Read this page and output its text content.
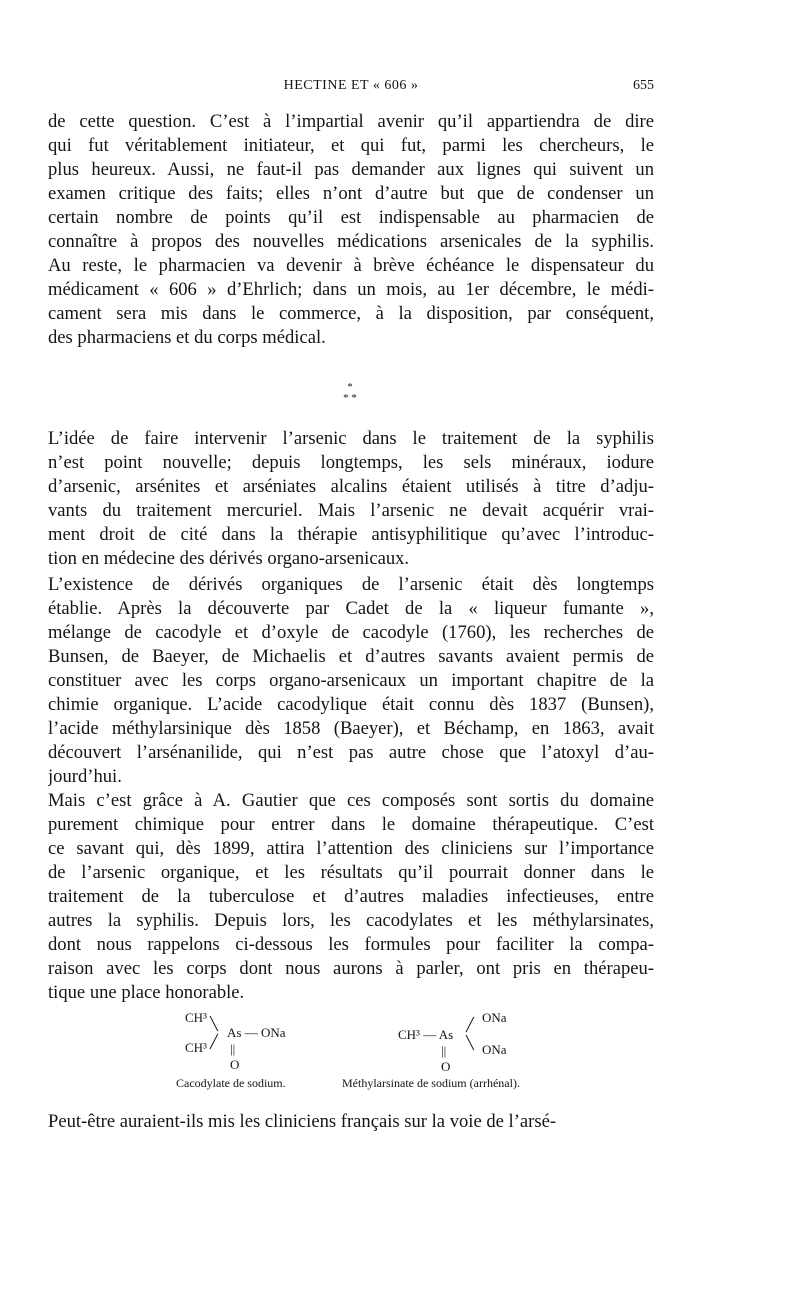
HECTINE ET « 606 »	655

de cette question. C’est à l’impartial avenir qu’il appartiendra de dire
qui fut véritablement initiateur, et qui fut, parmi les chercheurs, le
plus heureux. Aussi, ne faut-il pas demander aux lignes qui suivent un
examen critique des faits; elles n’ont d’autre but que de condenser un
certain nombre de points qu’il est indispensable au pharmacien de
connaître à propos des nouvelles médications arsenicales de la syphilis.
Au reste, le pharmacien va devenir à brève échéance le dispensateur du
médicament « 606 » d’Ehrlich; dans un mois, au 1er décembre, le médi-
cament sera mis dans le commerce, à la disposition, par conséquent,
des pharmaciens et du corps médical.

*
* *

L’idée de faire intervenir l’arsenic dans le traitement de la syphilis
n’est point nouvelle; depuis longtemps, les sels minéraux, iodure
d’arsenic, arsénites et arséniates alcalins étaient utilisés à titre d’adju-
vants du traitement mercuriel. Mais l’arsenic ne devait acquérir vrai-
ment droit de cité dans la thérapie antisyphilitique qu’avec l’introduc-
tion en médecine des dérivés organo-arsenicaux.

L’existence de dérivés organiques de l’arsenic était dès longtemps
établie. Après la découverte par Cadet de la « liqueur fumante »,
mélange de cacodyle et d’oxyle de cacodyle (1760), les recherches de
Bunsen, de Baeyer, de Michaelis et d’autres savants avaient permis de
constituer avec les corps organo-arsenicaux un important chapitre de la
chimie organique. L’acide cacodylique était connu dès 1837 (Bunsen),
l’acide méthylarsinique dès 1858 (Baeyer), et Béchamp, en 1863, avait
découvert l’arsénanilide, qui n’est pas autre chose que l’atoxyl d’au-
jourd’hui.

Mais c’est grâce à A. Gautier que ces composés sont sortis du domaine
purement chimique pour entrer dans le domaine thérapeutique. C’est
ce savant qui, dès 1899, attira l’attention des cliniciens sur l’importance
de l’arsenic organique, et les résultats qu’il pourrait donner dans le
traitement de la tuberculose et d’autres maladies infectieuses, entre
autres la syphilis. Depuis lors, les cacodylates et les méthylarsinates,
dont nous rappelons ci-dessous les formules pour faciliter la compa-
raison avec les corps dont nous aurons à parler, ont pris en thérapeu-
tique une place honorable.

CH³ ╲
CH³ ╱
As — ONa
||
O
Cacodylate de sodium.
CH³ — As
╱
╲
ONa
ONa
||
O
Méthylarsinate de sodium (arrhénal).

Peut-être auraient-ils mis les cliniciens français sur la voie de l’arsé-
